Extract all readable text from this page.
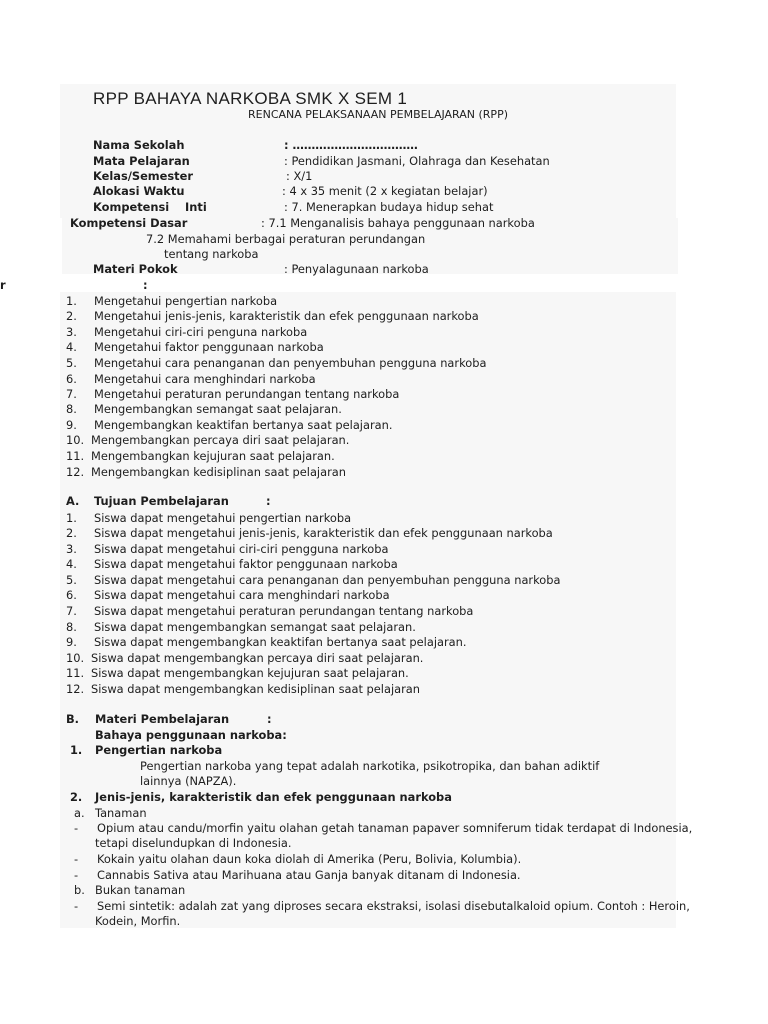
RPP BAHAYA NARKOBA SMK X SEM 1
RENCANA PELAKSANAAN PEMBELAJARAN (RPP)
Nama Sekolah	: ……………………………
Mata Pelajaran	: Pendidikan Jasmani, Olahraga dan Kesehatan
Kelas/Semester	: X/1
Alokasi Waktu	: 4 x 35 menit (2 x kegiatan belajar)
Kompetensi    Inti	: 7. Menerapkan budaya hidup sehat
Kompetensi Dasar	: 7.1 Menganalisis bahaya penggunaan narkoba
7.2 Memahami berbagai peraturan perundangan
tentang narkoba
Materi Pokok	: Penyalagunaan narkoba
r	:
1. Mengetahui pengertian narkoba
2. Mengetahui jenis-jenis, karakteristik dan efek penggunaan narkoba
3. Mengetahui ciri-ciri penguna narkoba
4. Mengetahui faktor penggunaan narkoba
5. Mengetahui cara penanganan dan penyembuhan pengguna narkoba
6. Mengetahui cara menghindari narkoba
7. Mengetahui peraturan perundangan tentang narkoba
8. Mengembangkan semangat saat pelajaran.
9. Mengembangkan keaktifan bertanya saat pelajaran.
10. Mengembangkan percaya diri saat pelajaran.
11. Mengembangkan kejujuran saat pelajaran.
12. Mengembangkan kedisiplinan saat pelajaran
A. Tujuan Pembelajaran	:
1. Siswa dapat mengetahui pengertian narkoba
2. Siswa dapat mengetahui jenis-jenis, karakteristik dan efek penggunaan narkoba
3. Siswa dapat mengetahui ciri-ciri pengguna narkoba
4. Siswa dapat mengetahui faktor penggunaan narkoba
5. Siswa dapat mengetahui cara penanganan dan penyembuhan pengguna narkoba
6. Siswa dapat mengetahui cara menghindari narkoba
7. Siswa dapat mengetahui peraturan perundangan tentang narkoba
8. Siswa dapat mengembangkan semangat saat pelajaran.
9. Siswa dapat mengembangkan keaktifan bertanya saat pelajaran.
10. Siswa dapat mengembangkan percaya diri saat pelajaran.
11. Siswa dapat mengembangkan kejujuran saat pelajaran.
12. Siswa dapat mengembangkan kedisiplinan saat pelajaran
B. Materi Pembelajaran	:
Bahaya penggunaan narkoba:
1. Pengertian narkoba
Pengertian narkoba yang tepat adalah narkotika, psikotropika, dan bahan adiktif
lainnya (NAPZA).
2. Jenis-jenis, karakteristik dan efek penggunaan narkoba
a. Tanaman
- Opium atau candu/morfin yaitu olahan getah tanaman papaver somniferum tidak terdapat di Indonesia,
tetapi diselundupkan di Indonesia.
- Kokain yaitu olahan daun koka diolah di Amerika (Peru, Bolivia, Kolumbia).
- Cannabis Sativa atau Marihuana atau Ganja banyak ditanam di Indonesia.
b. Bukan tanaman
- Semi sintetik: adalah zat yang diproses secara ekstraksi, isolasi disebutalkaloid opium. Contoh : Heroin,
Kodein, Morfin.
